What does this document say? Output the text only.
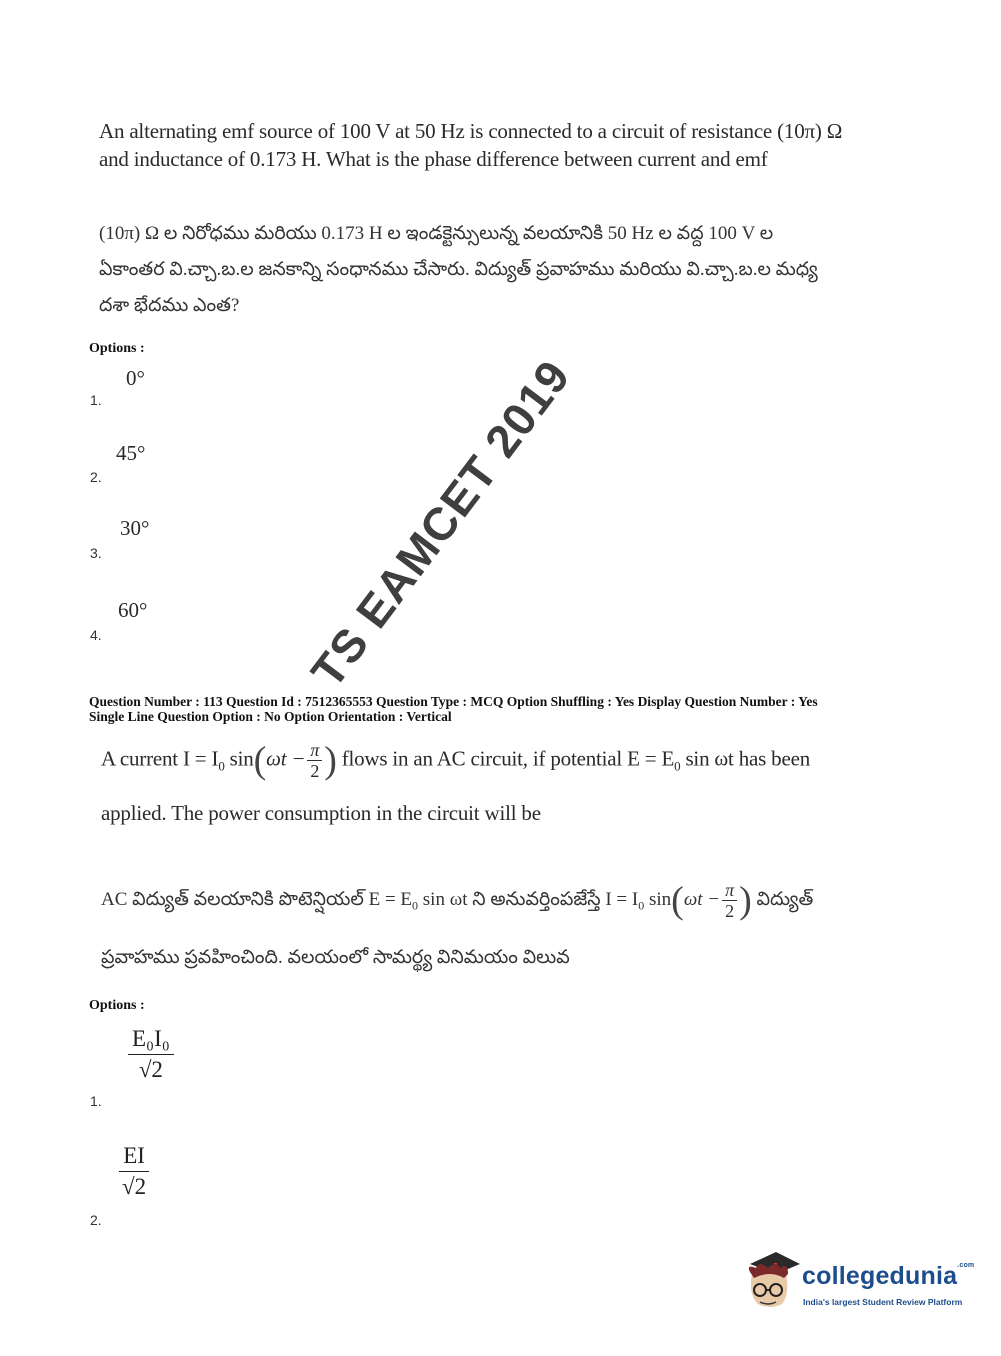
An alternating emf source of 100 V at 50 Hz is connected to a circuit of resistance (10π) Ω
and inductance of 0.173 H. What is the phase difference between current and emf
(10π) Ω ల నిరోధము మరియు 0.173 H ల ఇండక్టెన్సులున్న వలయానికి 50 Hz ల వద్ద 100 V ల
ఏకాంతర వి.చ్చా.బ.ల జనకాన్ని సంధానము చేసారు. విద్యుత్ ప్రవాహము మరియు వి.చ్చా.బ.ల మధ్య
దశా భేదము ఎంత?
Options :
0°
1.
45°
2.
30°
3.
60°
4.
Question Number : 113 Question Id : 7512365553 Question Type : MCQ Option Shuffling : Yes Display Question Number : Yes
Single Line Question Option : No Option Orientation : Vertical
A current $I = I_0$ $\sin(\omega t - \frac{\pi}{2}$ ) flows in an AC circuit, if potential $E = E_0$ sin ωt has been
applied. The power consumption in the circuit will be
AC విద్యుత్ వలయానికి పొటెన్షియల్ $E = E_0$ sin ωt ని అనువర్తింపజేస్తే $I = I_0$ $\sin(\omega t - \frac{\pi}{2}$ ) విద్యుత్
ప్రవాహము ప్రవహించింది. వలయంలో సామర్థ్య వినిమయం విలువ
Options :
$\frac{\text{E₀I₀}}{√2}$
1.
$\frac{EI}{√2}$
2.
TS EAMCET 2019
collegedunia$^{.com}$
India's largest Student Review Platform
